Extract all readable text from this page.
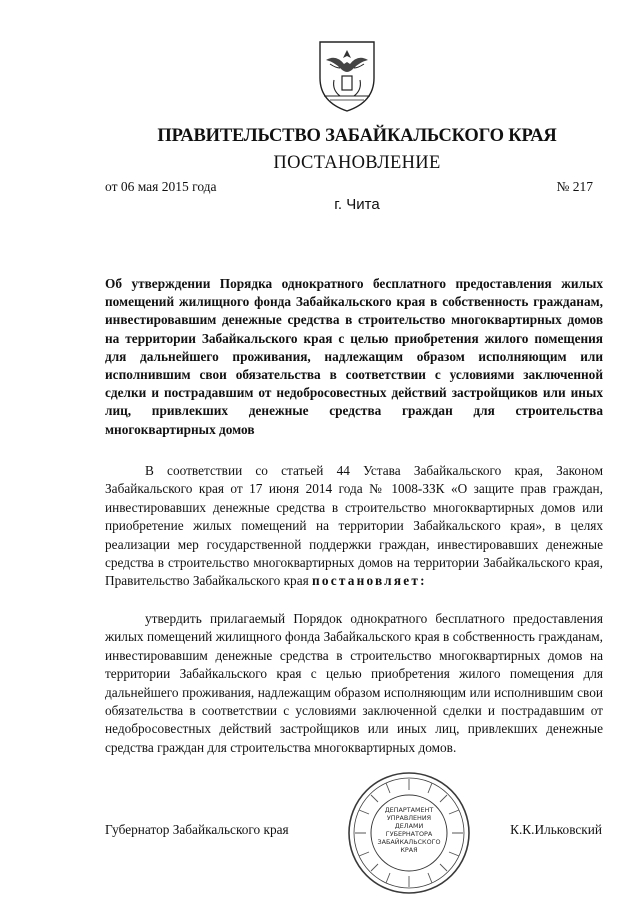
ПРАВИТЕЛЬСТВО ЗАБАЙКАЛЬСКОГО КРАЯ
ПОСТАНОВЛЕНИЕ
от 06 мая 2015 года	№ 217
г. Чита
Об утверждении Порядка однократного бесплатного предоставления жилых помещений жилищного фонда Забайкальского края в собственность гражданам, инвестировавшим денежные средства в строительство многоквартирных домов на территории Забайкальского края с целью приобретения жилого помещения для дальнейшего проживания, надлежащим образом исполняющим или исполнившим свои обязательства в соответствии с условиями заключенной сделки и пострадавшим от недобросовестных действий застройщиков или иных лиц, привлекших денежные средства граждан для строительства многоквартирных домов

В соответствии со статьей 44 Устава Забайкальского края, Законом Забайкальского края от 17 июня 2014 года № 1008-ЗЗК «О защите прав граждан, инвестировавших денежные средства в строительство многоквартирных домов или приобретение жилых помещений на территории Забайкальского края», в целях реализации мер государственной поддержки граждан, инвестировавших денежные средства в строительство многоквартирных домов на территории Забайкальского края, Правительство Забайкальского края постановляет:

утвердить прилагаемый Порядок однократного бесплатного предоставления жилых помещений жилищного фонда Забайкальского края в собственность гражданам, инвестировавшим денежные средства в строительство многоквартирных домов на территории Забайкальского края с целью приобретения жилого помещения для дальнейшего проживания, надлежащим образом исполняющим или исполнившим свои обязательства в соответствии с условиями заключенной сделки и пострадавшим от недобросовестных действий застройщиков или иных лиц, привлекших денежные средства граждан для строительства многоквартирных домов.

Губернатор Забайкальского края	К.К.Ильковский
ДЕПАРТАМЕНТ
УПРАВЛЕНИЯ
ДЕЛАМИ
ГУБЕРНАТОРА
ЗАБАЙКАЛЬСКОГО
КРАЯ
